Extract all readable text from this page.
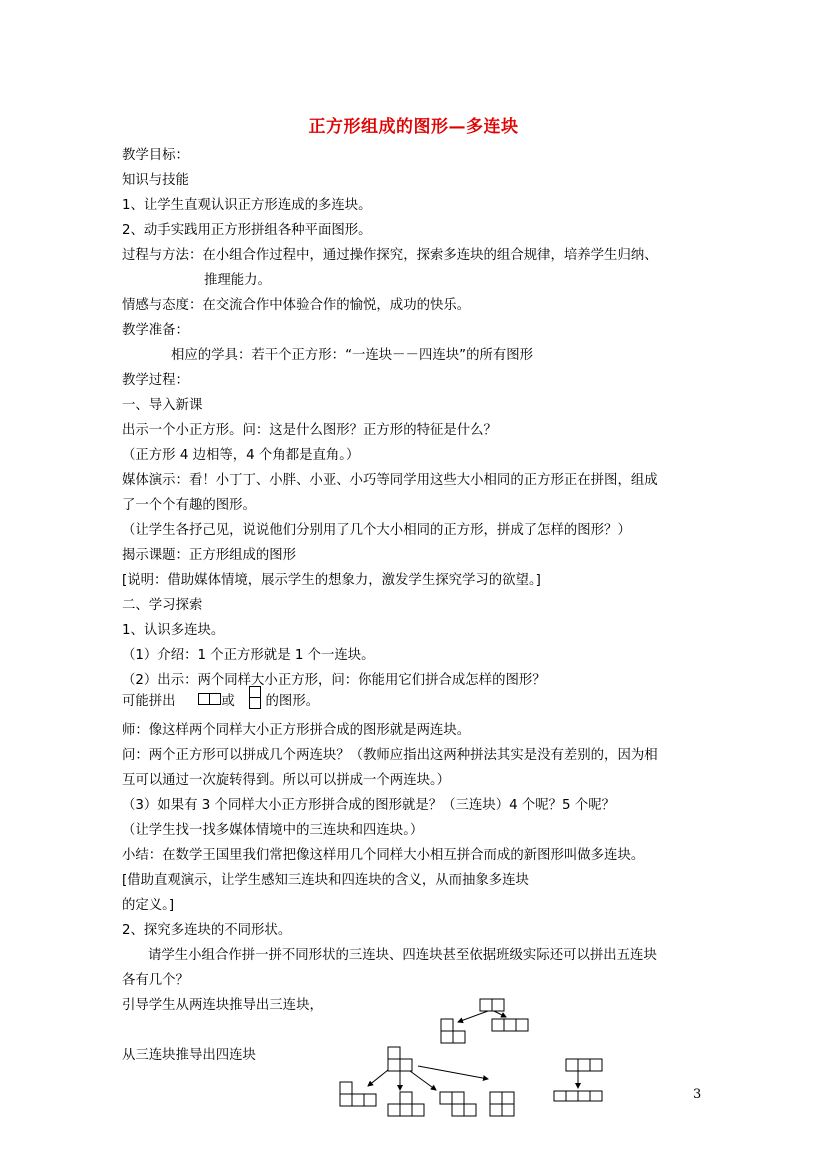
正方形组成的图形—多连块
教学目标：
知识与技能
1、让学生直观认识正方形连成的多连块。
2、动手实践用正方形拼组各种平面图形。
过程与方法：在小组合作过程中，通过操作探究，探索多连块的组合规律，培养学生归纳、
推理能力。
情感与态度：在交流合作中体验合作的愉悦，成功的快乐。
教学准备：
相应的学具：若干个正方形：“一连块－－四连块”的所有图形
教学过程：
一、导入新课
出示一个小正方形。问：这是什么图形？正方形的特征是什么？
（正方形 4 边相等，4 个角都是直角。）
媒体演示：看！小丁丁、小胖、小亚、小巧等同学用这些大小相同的正方形正在拼图，组成
了一个个有趣的图形。
（让学生各抒己见，说说他们分别用了几个大小相同的正方形，拼成了怎样的图形？）
揭示课题：正方形组成的图形
[说明：借助媒体情境，展示学生的想象力，激发学生探究学习的欲望。]
二、学习探索
1、认识多连块。
（1）介绍：1 个正方形就是 1 个一连块。
（2）出示：两个同样大小正方形，问：你能用它们拼合成怎样的图形？
可能拼出	或 的图形。
师：像这样两个同样大小正方形拼合成的图形就是两连块。
问：两个正方形可以拼成几个两连块？（教师应指出这两种拼法其实是没有差别的，因为相
互可以通过一次旋转得到。所以可以拼成一个两连块。）
（3）如果有 3 个同样大小正方形拼合成的图形就是？（三连块）4 个呢？5 个呢？
（让学生找一找多媒体情境中的三连块和四连块。）
小结：在数学王国里我们常把像这样用几个同样大小相互拼合而成的新图形叫做多连块。
[借助直观演示，让学生感知三连块和四连块的含义，从而抽象多连块
的定义。]
2、探究多连块的不同形状。
请学生小组合作拼一拼不同形状的三连块、四连块甚至依据班级实际还可以拼出五连块
各有几个？
引导学生从两连块推导出三连块，
从三连块推导出四连块
3
